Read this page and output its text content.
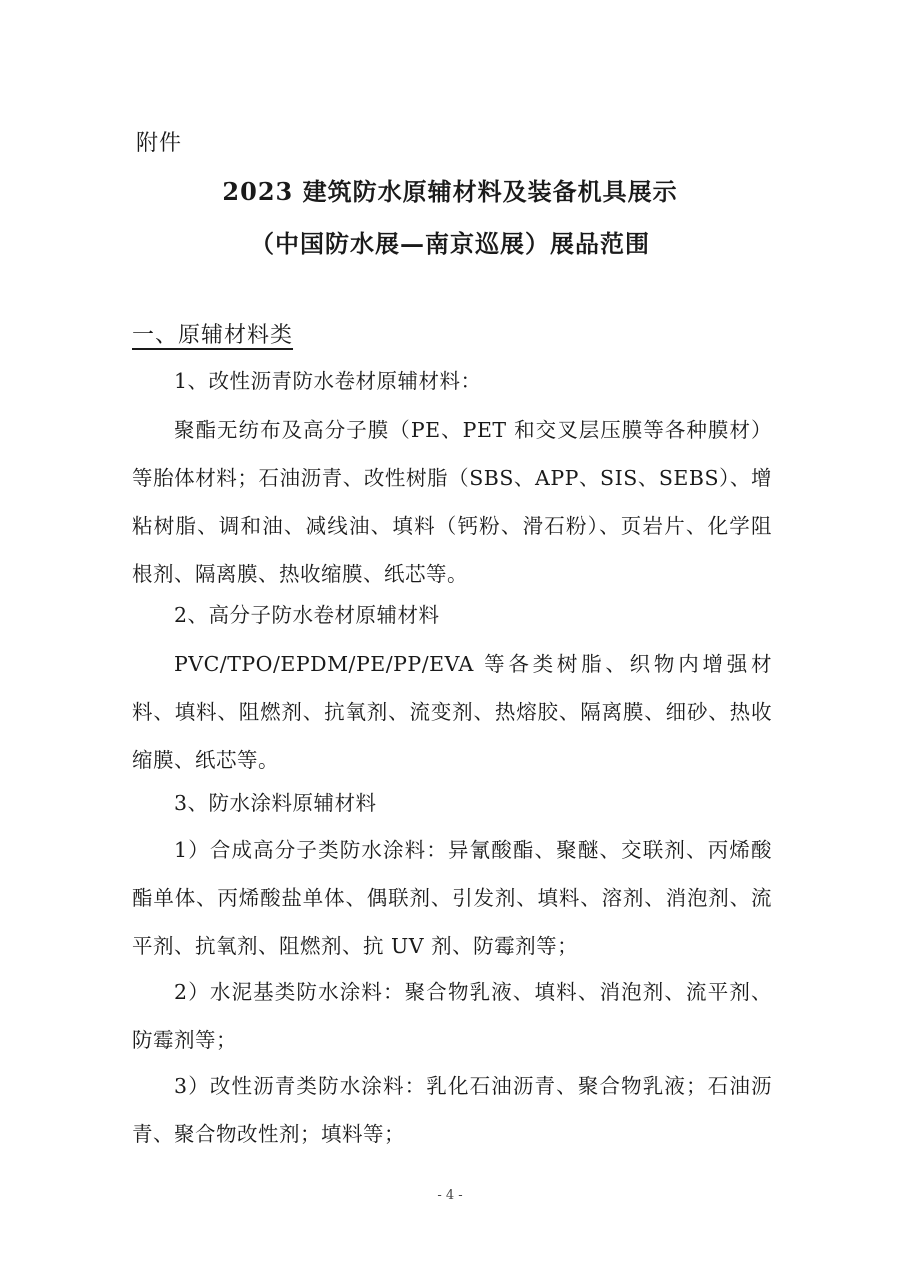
附件
2023 建筑防水原辅材料及装备机具展示
（中国防水展—南京巡展）展品范围
一、原辅材料类
1、改性沥青防水卷材原辅材料：

聚酯无纺布及高分子膜（PE、PET 和交叉层压膜等各种膜材）等胎体材料；石油沥青、改性树脂（SBS、APP、SIS、SEBS）、增粘树脂、调和油、减线油、填料（钙粉、滑石粉）、页岩片、化学阻根剂、隔离膜、热收缩膜、纸芯等。

2、高分子防水卷材原辅材料

PVC/TPO/EPDM/PE/PP/EVA 等各类树脂、织物内增强材料、填料、阻燃剂、抗氧剂、流变剂、热熔胶、隔离膜、细砂、热收缩膜、纸芯等。

3、防水涂料原辅材料

1）合成高分子类防水涂料：异氰酸酯、聚醚、交联剂、丙烯酸酯单体、丙烯酸盐单体、偶联剂、引发剂、填料、溶剂、消泡剂、流平剂、抗氧剂、阻燃剂、抗 UV 剂、防霉剂等；

2）水泥基类防水涂料：聚合物乳液、填料、消泡剂、流平剂、防霉剂等；

3）改性沥青类防水涂料：乳化石油沥青、聚合物乳液；石油沥青、聚合物改性剂；填料等；

- 4 -
